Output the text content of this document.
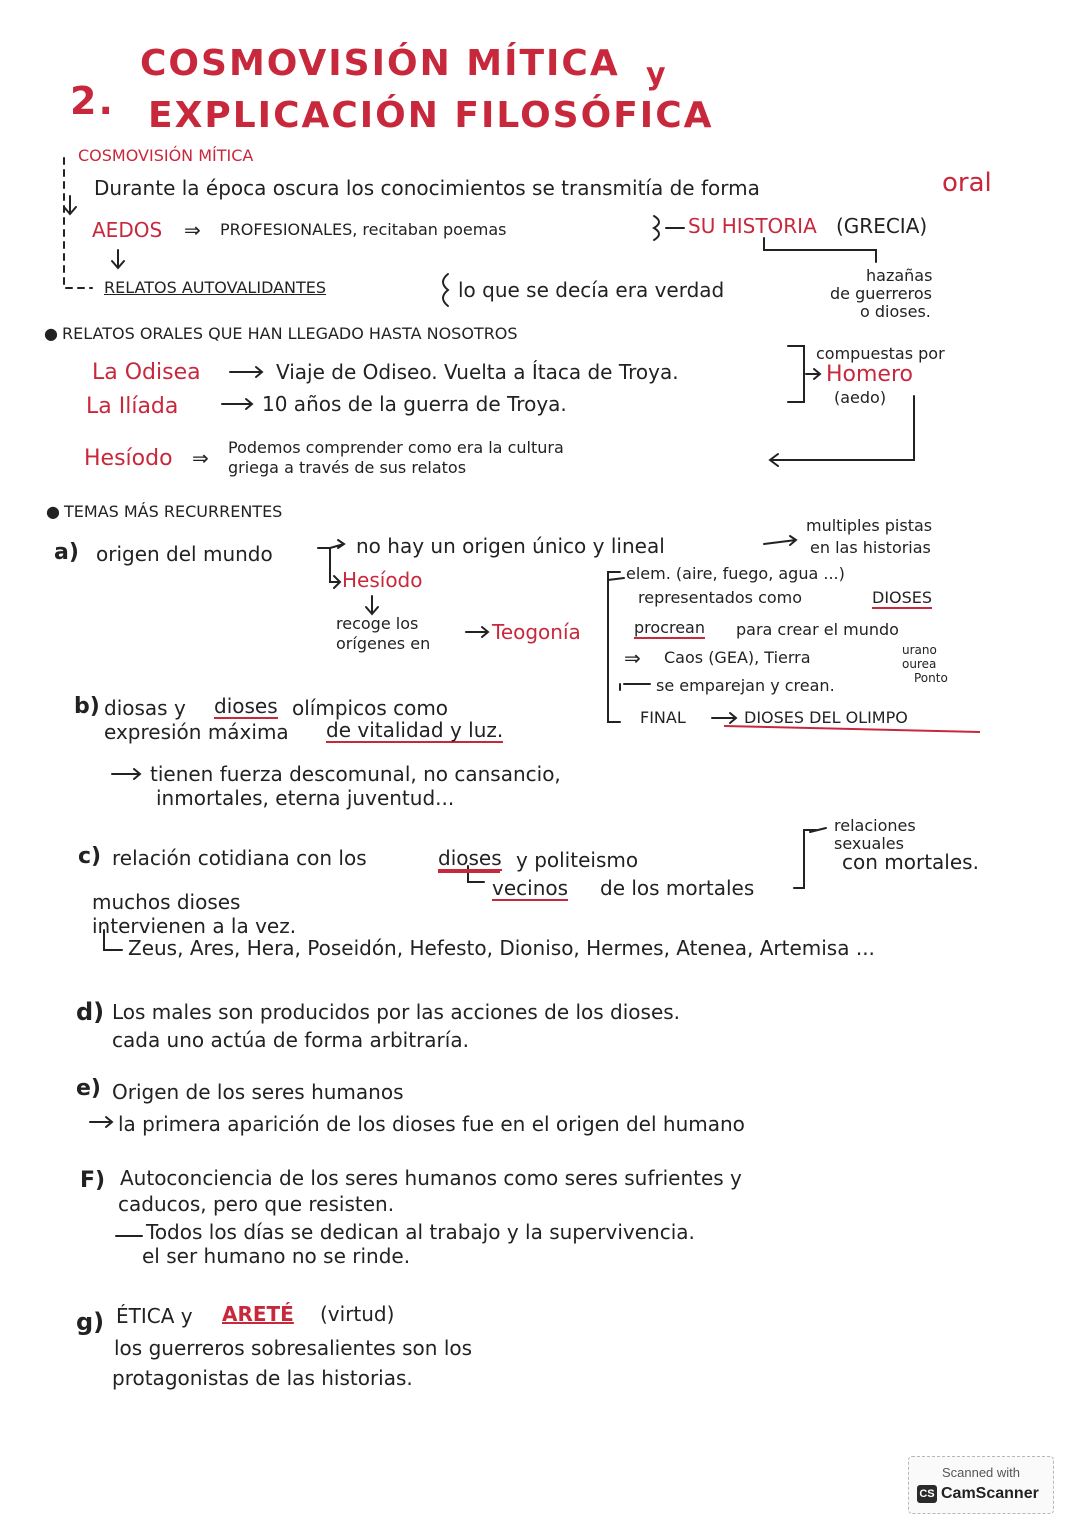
2.
COSMOVISIÓN MÍTICA y
EXPLICACIÓN FILOSÓFICA
COSMOVISIÓN MÍTICA
Durante la época oscura los conocimientos se transmitía de forma	oral
AEDOS ⇒ PROFESIONALES, recitaban poemas	SU HISTORIA (GRECIA)
RELATOS AUTOVALIDANTES	lo que se decía era verdad
hazañas
de guerreros
o dioses.
● RELATOS ORALES QUE HAN LLEGADO HASTA NOSOTROS
La Odisea	Viaje de Odiseo. Vuelta a Ítaca de Troya.
La Ilíada	10 años de la guerra de Troya.
compuestas por
Homero
(aedo)
Hesíodo ⇒ Podemos comprender como era la cultura
griega a través de sus relatos
● TEMAS MÁS RECURRENTES
a) origen del mundo	no hay un origen único y lineal
multiples pistas
en las historias
Hesíodo
recoge los
orígenes en	Teogonía
elem. (aire, fuego, agua ...)
representados como	DIOSES
procrean para crear el mundo
⇒ Caos (GEA), Tierra	urano
ourea
Ponto
se emparejan y crean.
FINAL	DIOSES DEL OLIMPO
b) diosas y dioses olímpicos como
expresión máxima de vitalidad y luz.
tienen fuerza descomunal, no cansancio,
inmortales, eterna juventud...
c) relación cotidiana con los	dioses y politeismo
vecinos de los mortales
relaciones
sexuales
con mortales.
muchos dioses
intervienen a la vez.
Zeus, Ares, Hera, Poseidón, Hefesto, Dioniso, Hermes, Atenea, Artemisa ...
d) Los males son producidos por las acciones de los dioses.
cada uno actúa de forma arbitraría.
e) Origen de los seres humanos
la primera aparición de los dioses fue en el origen del humano
F) Autoconciencia de los seres humanos como seres sufrientes y
caducos, pero que resisten.
Todos los días se dedican al trabajo y la supervivencia.
el ser humano no se rinde.
g) ÉTICA y ARETÉ (virtud)
los guerreros sobresalientes son los
protagonistas de las historias.
Scanned with
CS CamScanner
